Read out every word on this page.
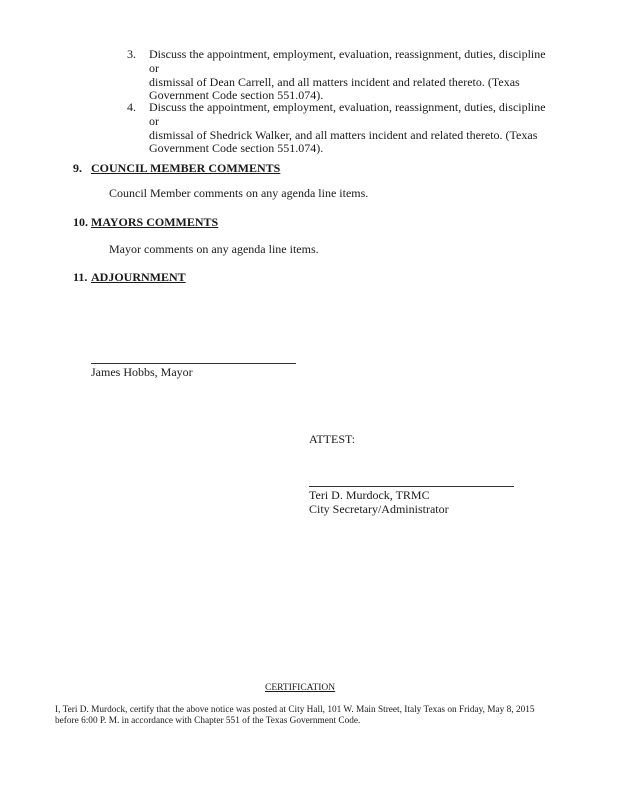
3. Discuss the appointment, employment, evaluation, reassignment, duties, discipline or
dismissal of Dean Carrell, and all matters incident and related thereto. (Texas
Government Code section 551.074).
4. Discuss the appointment, employment, evaluation, reassignment, duties, discipline or
dismissal of Shedrick Walker, and all matters incident and related thereto. (Texas
Government Code section 551.074).
9. COUNCIL MEMBER COMMENTS
Council Member comments on any agenda line items.
10. MAYORS COMMENTS
Mayor comments on any agenda line items.
11. ADJOURNMENT
James Hobbs, Mayor
ATTEST:
Teri D. Murdock, TRMC
City Secretary/Administrator
CERTIFICATION
I, Teri D. Murdock, certify that the above notice was posted at City Hall, 101 W. Main Street, Italy Texas on Friday, May 8, 2015
before 6:00 P. M. in accordance with Chapter 551 of the Texas Government Code.
